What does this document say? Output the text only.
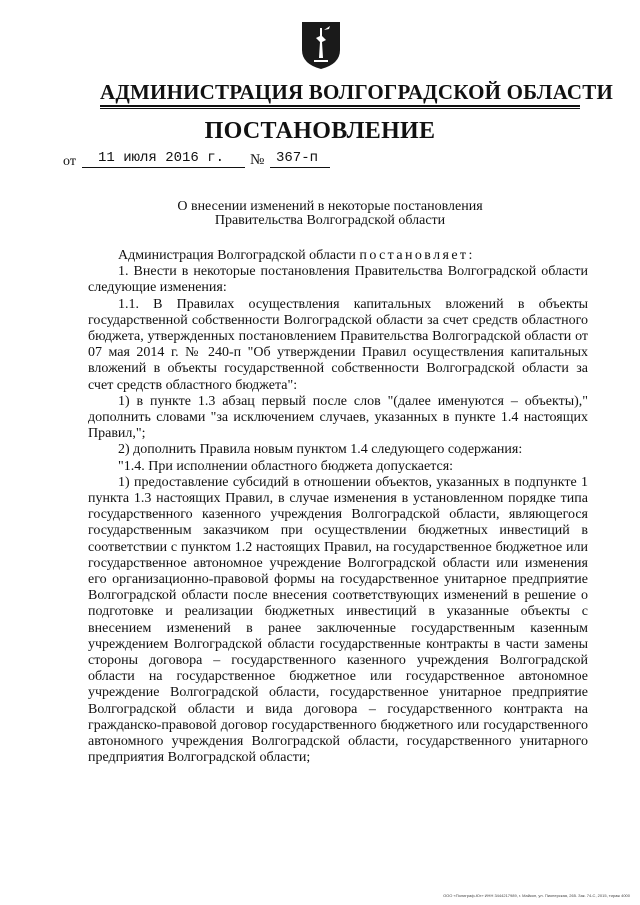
АДМИНИСТРАЦИЯ ВОЛГОГРАДСКОЙ ОБЛАСТИ
ПОСТАНОВЛЕНИЕ
от	11 июля 2016 г.	№ 367-п
О внесении изменений в некоторые постановления
Правительства Волгоградской области

Администрация Волгоградской области постановляет:

1. Внести в некоторые постановления Правительства Волгоградской области следующие изменения:

1.1. В Правилах осуществления капитальных вложений в объекты государственной собственности Волгоградской области за счет средств областного бюджета, утвержденных постановлением Правительства Волгоградской области от 07 мая 2014 г. № 240-п "Об утверждении Правил осуществления капитальных вложений в объекты государственной собственности Волгоградской области за счет средств областного бюджета":

1) в пункте 1.3 абзац первый после слов "(далее именуются – объекты)," дополнить словами "за исключением случаев, указанных в пункте 1.4 настоящих Правил,";

2) дополнить Правила новым пунктом 1.4 следующего содержания:

"1.4. При исполнении областного бюджета допускается:

1) предоставление субсидий в отношении объектов, указанных в подпункте 1 пункта 1.3 настоящих Правил, в случае изменения в установленном порядке типа государственного казенного учреждения Волгоградской области, являющегося государственным заказчиком при осуществлении бюджетных инвестиций в соответствии с пунктом 1.2 настоящих Правил, на государственное бюджетное или государственное автономное учреждение Волгоградской области или изменения его организационно-правовой формы на государственное унитарное предприятие Волгоградской области после внесения соответствующих изменений в решение о подготовке и реализации бюджетных инвестиций в указанные объекты с внесением изменений в ранее заключенные государственным казенным учреждением Волгоградской области государственные контракты в части замены стороны договора – государственного казенного учреждения Волгоградской области на государственное бюджетное или государственное автономное учреждение Волгоградской области, государственное унитарное предприятие Волгоградской области и вида договора – государственного контракта на гражданско-правовой договор государственного бюджетного или государственного автономного учреждения Волгоградской области, государственного унитарного предприятия Волгоградской области;

ООО «Полиграф-Юг» ИНН 3444217989, г. Майкоп, ул. Пионерская, 265. Зак. 74-С, 2015, тираж 4000
